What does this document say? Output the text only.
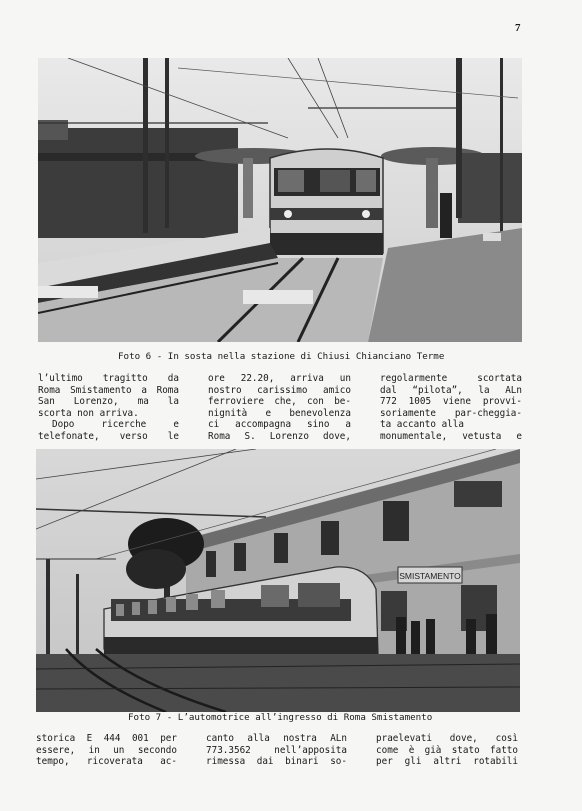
7
Foto 6 - In sosta nella stazione di Chiusi Chianciano Terme
l’ultimo tragitto da
Roma Smistamento a Roma
San Lorenzo, ma la
scorta non arriva.
Dopo ricerche e
telefonate, verso le
ore 22.20, arriva un
nostro carissimo amico
ferroviere che, con be-
nignità e benevolenza
ci accompagna sino a
Roma S. Lorenzo dove,
regolarmente scortata
dal “pilota”, la ALn
772 1005 viene provvi-
soriamente par-cheggia-
ta accanto alla
monumentale, vetusta e
SMISTAMENTO
Foto 7 - L’automotrice all’ingresso di Roma Smistamento
storica E 444 001 per
essere, in un secondo
tempo, ricoverata ac-
canto alla nostra ALn
773.3562 nell’apposita
rimessa dai binari so-
praelevati dove, così
come è già stato fatto
per gli altri rotabili
